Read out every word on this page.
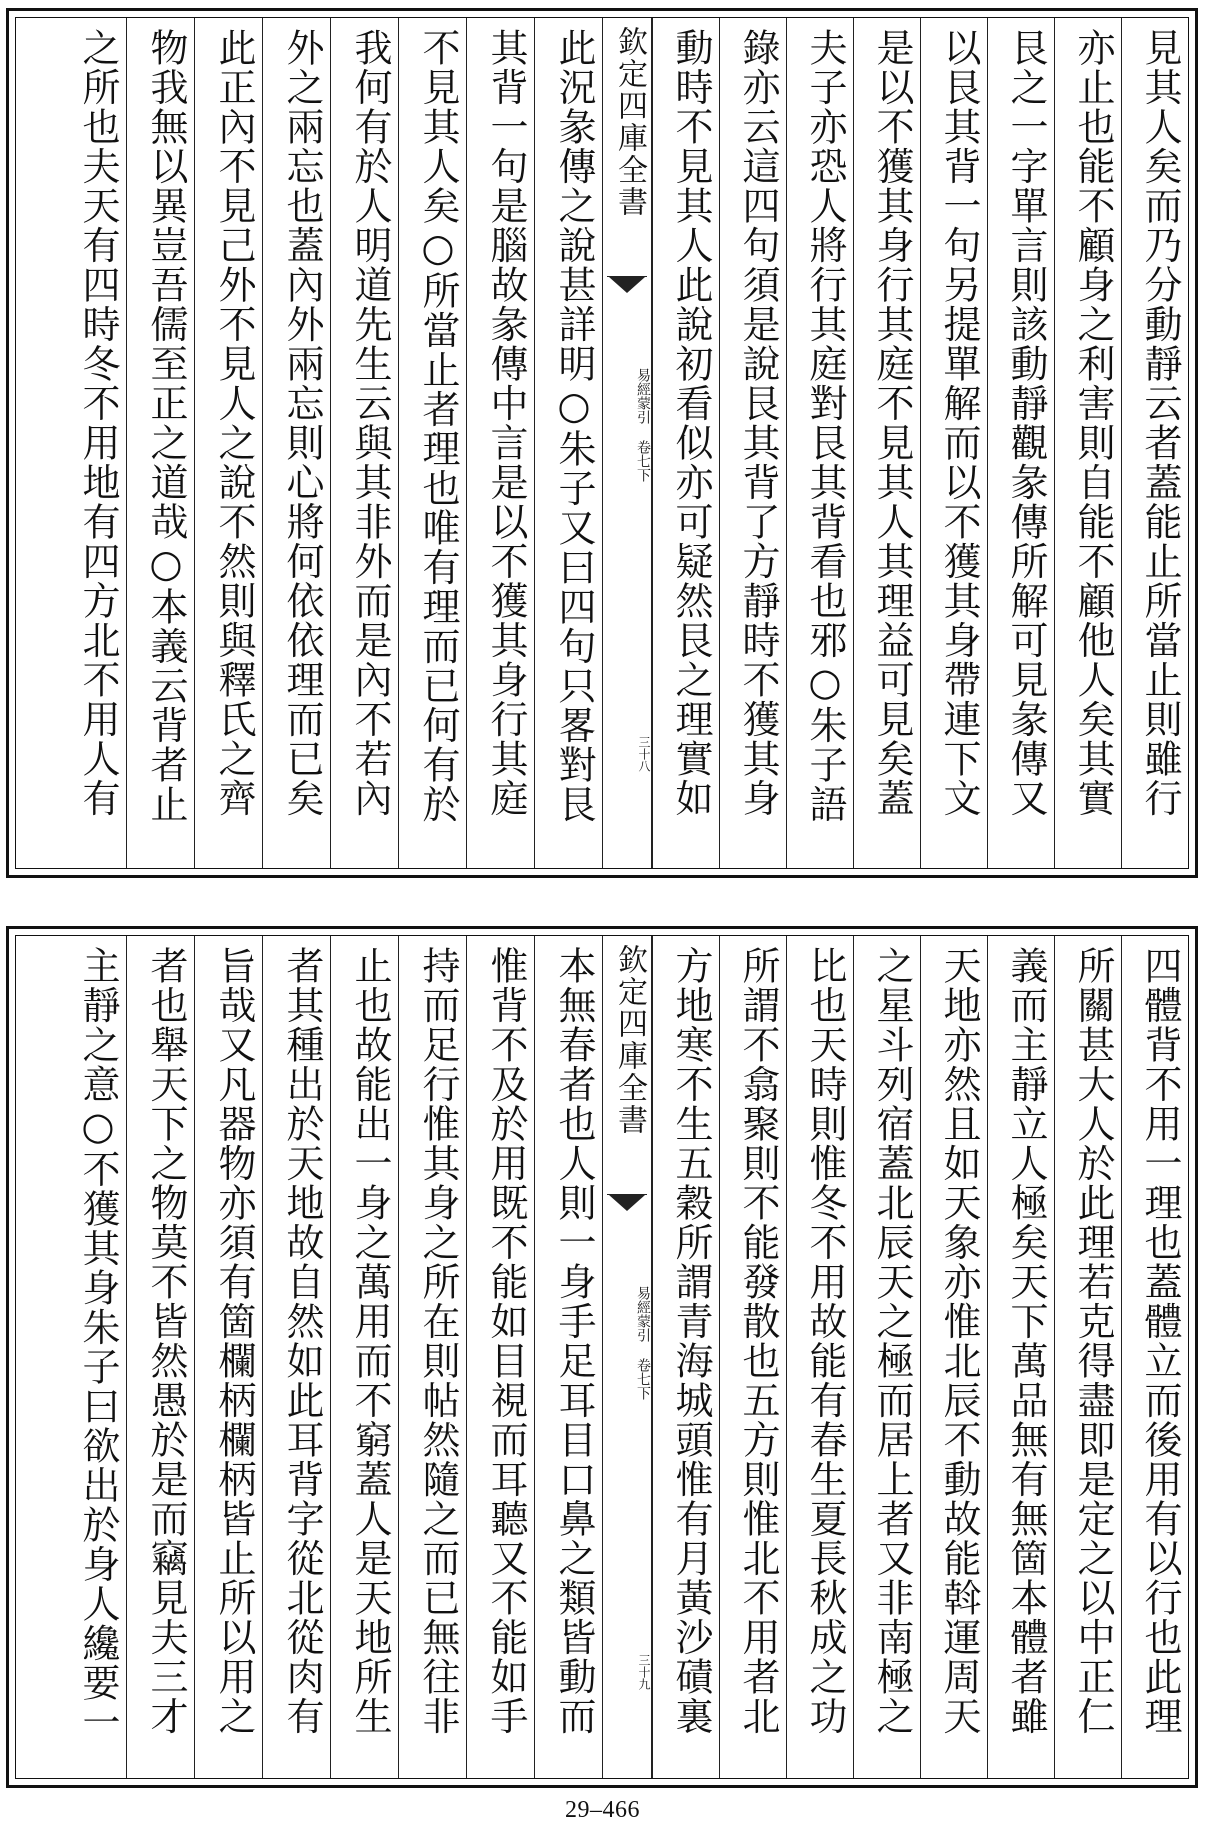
見其人矣而乃分動靜云者蓋能止所當止則雖行
亦止也能不顧身之利害則自能不顧他人矣其實
艮之一字單言則該動靜觀彖傳所解可見彖傳又
以艮其背一句另提單解而以不獲其身帶連下文
是以不獲其身行其庭不見其人其理益可見矣蓋
夫子亦恐人將行其庭對艮其背看也邪○朱子語
錄亦云這四句須是說艮其背了方靜時不獲其身
動時不見其人此說初看似亦可疑然艮之理實如
欽定四庫全書
易經蒙引 卷七下
三十八
此況彖傳之說甚詳明○朱子又曰四句只畧對艮
其背一句是腦故彖傳中言是以不獲其身行其庭
不見其人矣○所當止者理也唯有理而已何有於
我何有於人明道先生云與其非外而是內不若內
外之兩忘也蓋內外兩忘則心將何依依理而已矣
此正內不見己外不見人之說不然則與釋氏之齊
物我無以異豈吾儒至正之道哉○本義云背者止
之所也夫天有四時冬不用地有四方北不用人有
四體背不用一理也蓋體立而後用有以行也此理
所關甚大人於此理若克得盡即是定之以中正仁
義而主靜立人極矣天下萬品無有無箇本體者雖
天地亦然且如天象亦惟北辰不動故能斡運周天
之星斗列宿蓋北辰天之極而居上者又非南極之
比也天時則惟冬不用故能有春生夏長秋成之功
所謂不翕聚則不能發散也五方則惟北不用者北
方地寒不生五穀所謂青海城頭惟有月黃沙磧裏
欽定四庫全書
易經蒙引 卷七下
三十九
本無春者也人則一身手足耳目口鼻之類皆動而
惟背不及於用既不能如目視而耳聽又不能如手
持而足行惟其身之所在則帖然隨之而已無往非
止也故能出一身之萬用而不窮蓋人是天地所生
者其種出於天地故自然如此耳背字從北從肉有
旨哉又凡器物亦須有箇欄柄欄柄皆止所以用之
者也舉天下之物莫不皆然愚於是而竊見夫三才
主靜之意○不獲其身朱子曰欲出於身人纔要一
29–466
